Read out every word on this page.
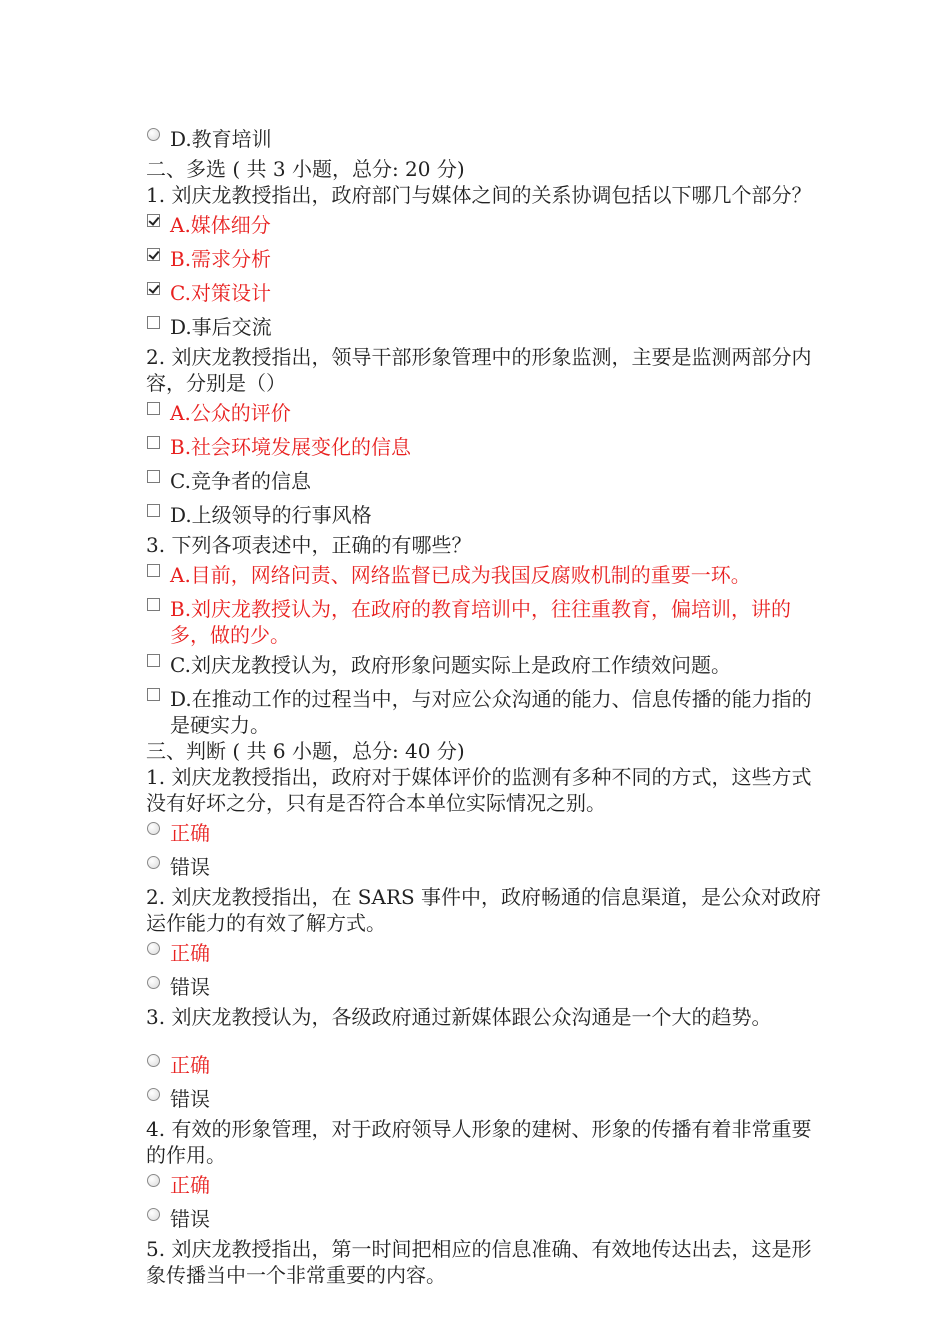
D.教育培训

二、多选 ( 共 3 小题，总分: 20 分)

1. 刘庆龙教授指出，政府部门与媒体之间的关系协调包括以下哪几个部分？

A.媒体细分
B.需求分析
C.对策设计
D.事后交流

2. 刘庆龙教授指出，领导干部形象管理中的形象监测，主要是监测两部分内容，分别是（）

A.公众的评价
B.社会环境发展变化的信息
C.竞争者的信息
D.上级领导的行事风格

3. 下列各项表述中，正确的有哪些？

A.目前，网络问责、网络监督已成为我国反腐败机制的重要一环。
B.刘庆龙教授认为，在政府的教育培训中，往往重教育，偏培训，讲的多，做的少。
C.刘庆龙教授认为，政府形象问题实际上是政府工作绩效问题。
D.在推动工作的过程当中，与对应公众沟通的能力、信息传播的能力指的是硬实力。

三、判断 ( 共 6 小题，总分: 40 分)

1. 刘庆龙教授指出，政府对于媒体评价的监测有多种不同的方式，这些方式没有好坏之分，只有是否符合本单位实际情况之别。

正确
错误

2. 刘庆龙教授指出，在 SARS 事件中，政府畅通的信息渠道，是公众对政府运作能力的有效了解方式。

正确
错误

3. 刘庆龙教授认为，各级政府通过新媒体跟公众沟通是一个大的趋势。

正确
错误

4. 有效的形象管理，对于政府领导人形象的建树、形象的传播有着非常重要的作用。

正确
错误

5. 刘庆龙教授指出，第一时间把相应的信息准确、有效地传达出去，这是形象传播当中一个非常重要的内容。
